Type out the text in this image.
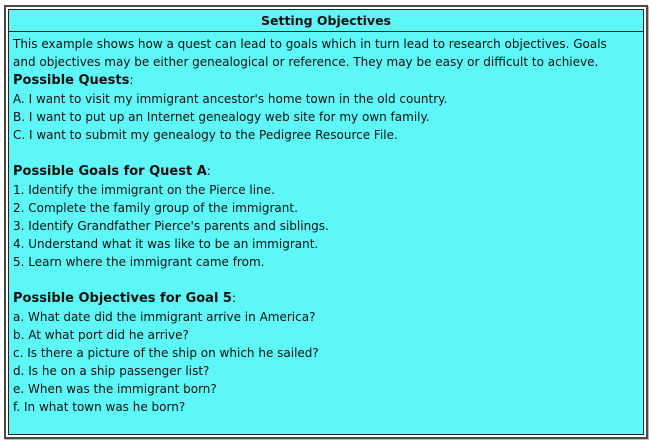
Setting Objectives
This example shows how a quest can lead to goals which in turn lead to research objectives. Goals
and objectives may be either genealogical or reference. They may be easy or difficult to achieve.
Possible Quests:
A. I want to visit my immigrant ancestor's home town in the old country.
B. I want to put up an Internet genealogy web site for my own family.
C. I want to submit my genealogy to the Pedigree Resource File.
Possible Goals for Quest A:
1. Identify the immigrant on the Pierce line.
2. Complete the family group of the immigrant.
3. Identify Grandfather Pierce's parents and siblings.
4. Understand what it was like to be an immigrant.
5. Learn where the immigrant came from.
Possible Objectives for Goal 5:
a. What date did the immigrant arrive in America?
b. At what port did he arrive?
c. Is there a picture of the ship on which he sailed?
d. Is he on a ship passenger list?
e. When was the immigrant born?
f. In what town was he born?
